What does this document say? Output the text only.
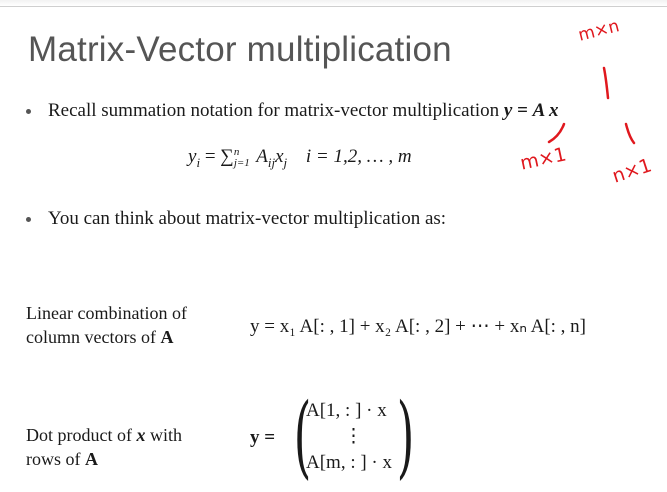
Matrix-Vector multiplication
Recall summation notation for matrix-vector multiplication y = A x
$y_i$ = ∑ n
j=1 $A_{ij}x_j$ i = 1,2, … , m
You can think about matrix-vector multiplication as:
Linear combination of
column vectors of A	y = x₁ A[: , 1] + x₂ A[: , 2] + ⋯ + xₙ A[: , n]
Dot product of x with
rows of A
y = ( )
A[1, : ] · x
⋮
A[m, : ] · x
m×n
m×1 n×1
